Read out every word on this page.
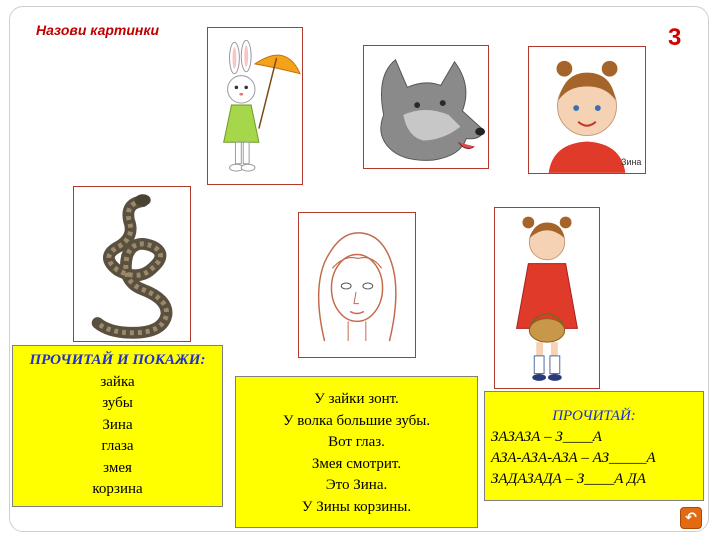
Назови картинки	3
Зина
ПРОЧИТАЙ И ПОКАЖИ:
зайка
зубы
Зина
глаза
змея
корзина
У зайки зонт.
У волка большие зубы.
Вот глаз.
Змея смотрит.
Это Зина.
У Зины корзины.
ПРОЧИТАЙ:
ЗАЗАЗА – З____А
АЗА-АЗА-АЗА – АЗ_____А
ЗАДАЗАДА – З____А ДА
↶
